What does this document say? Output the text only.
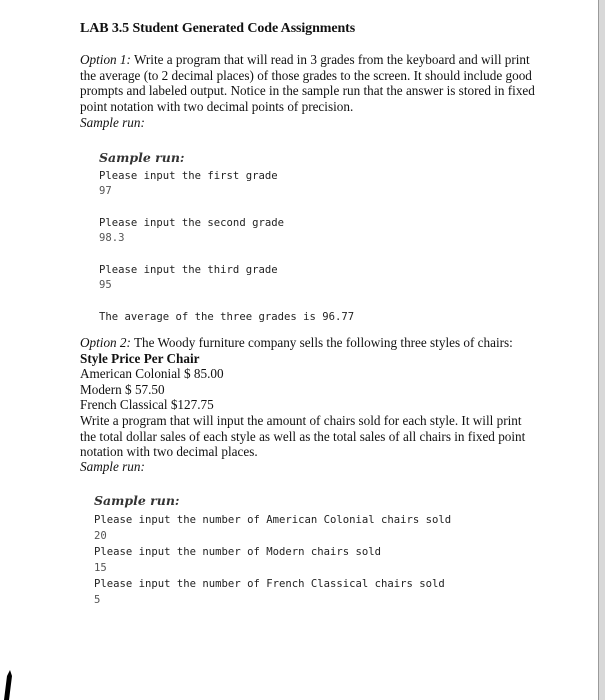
LAB 3.5 Student Generated Code Assignments
Option 1: Write a program that will read in 3 grades from the keyboard and will print the average (to 2 decimal places) of those grades to the screen. It should include good prompts and labeled output. Notice in the sample run that the answer is stored in fixed point notation with two decimal points of precision.
Sample run:
Sample run:
Please input the first grade
97
Please input the second grade
98.3
Please input the third grade
95
The average of the three grades is 96.77
Option 2: The Woody furniture company sells the following three styles of chairs:
Style Price Per Chair
American Colonial $ 85.00
Modern $ 57.50
French Classical $127.75
Write a program that will input the amount of chairs sold for each style. It will print the total dollar sales of each style as well as the total sales of all chairs in fixed point notation with two decimal places.
Sample run:
Sample run:
Please input the number of American Colonial chairs sold
20
Please input the number of Modern chairs sold
15
Please input the number of French Classical chairs sold
5
